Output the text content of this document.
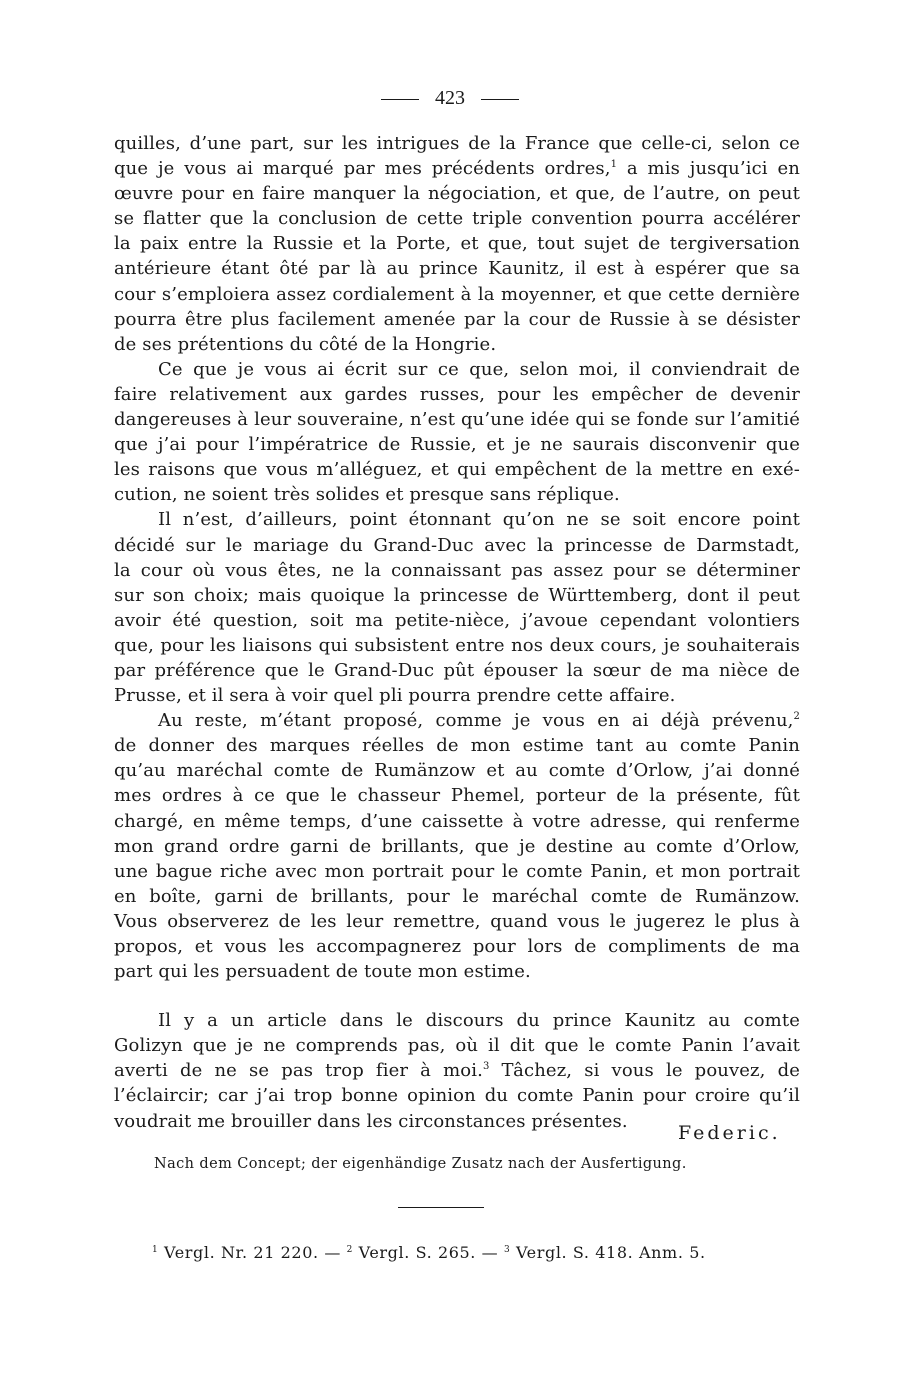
423
quilles, d’une part, sur les intrigues de la France que celle-ci, selon ce
que je vous ai marqué par mes précédents ordres,$^1$ a mis jusqu’ici en
œuvre pour en faire manquer la négociation, et que, de l’autre, on peut
se flatter que la conclusion de cette triple convention pourra accélérer
la paix entre la Russie et la Porte, et que, tout sujet de tergiversation
antérieure étant ôté par là au prince Kaunitz, il est à espérer que sa
cour s’emploiera assez cordialement à la moyenner, et que cette dernière
pourra être plus facilement amenée par la cour de Russie à se désister
de ses prétentions du côté de la Hongrie.
Ce que je vous ai écrit sur ce que, selon moi, il conviendrait de
faire relativement aux gardes russes, pour les empêcher de devenir
dangereuses à leur souveraine, n’est qu’une idée qui se fonde sur l’amitié
que j’ai pour l’impératrice de Russie, et je ne saurais disconvenir que
les raisons que vous m’alléguez, et qui empêchent de la mettre en exé-
cution, ne soient très solides et presque sans réplique.
Il n’est, d’ailleurs, point étonnant qu’on ne se soit encore point
décidé sur le mariage du Grand-Duc avec la princesse de Darmstadt,
la cour où vous êtes, ne la connaissant pas assez pour se déterminer
sur son choix; mais quoique la princesse de Württemberg, dont il peut
avoir été question, soit ma petite-nièce, j’avoue cependant volontiers
que, pour les liaisons qui subsistent entre nos deux cours, je souhaiterais
par préférence que le Grand-Duc pût épouser la sœur de ma nièce de
Prusse, et il sera à voir quel pli pourra prendre cette affaire.
Au reste, m’étant proposé, comme je vous en ai déjà prévenu,$^2$
de donner des marques réelles de mon estime tant au comte Panin
qu’au maréchal comte de Rumänzow et au comte d’Orlow, j’ai donné
mes ordres à ce que le chasseur Phemel, porteur de la présente, fût
chargé, en même temps, d’une caissette à votre adresse, qui renferme
mon grand ordre garni de brillants, que je destine au comte d’Orlow,
une bague riche avec mon portrait pour le comte Panin, et mon portrait
en boîte, garni de brillants, pour le maréchal comte de Rumänzow.
Vous observerez de les leur remettre, quand vous le jugerez le plus à
propos, et vous les accompagnerez pour lors de compliments de ma
part qui les persuadent de toute mon estime.
Il y a un article dans le discours du prince Kaunitz au comte
Golizyn que je ne comprends pas, où il dit que le comte Panin l’avait
averti de ne se pas trop fier à moi.$^3$ Tâchez, si vous le pouvez, de
l’éclaircir; car j’ai trop bonne opinion du comte Panin pour croire qu’il
voudrait me brouiller dans les circonstances présentes.
Federic.
Nach dem Concept; der eigenhändige Zusatz nach der Ausfertigung.
$^1$ Vergl. Nr. 21 220. — $^2$ Vergl. S. 265. — $^3$ Vergl. S. 418. Anm. 5.
